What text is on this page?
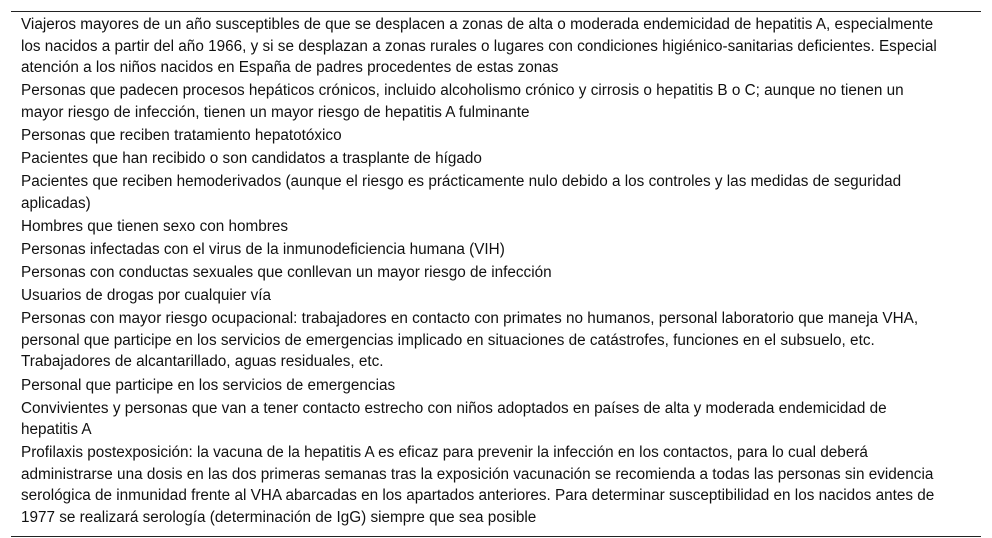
Viajeros mayores de un año susceptibles de que se desplacen a zonas de alta o moderada endemicidad de hepatitis A, especialmente los nacidos a partir del año 1966, y si se desplazan a zonas rurales o lugares con condiciones higiénico-sanitarias deficientes. Especial atención a los niños nacidos en España de padres procedentes de estas zonas
Personas que padecen procesos hepáticos crónicos, incluido alcoholismo crónico y cirrosis o hepatitis B o C; aunque no tienen un mayor riesgo de infección, tienen un mayor riesgo de hepatitis A fulminante
Personas que reciben tratamiento hepatotóxico
Pacientes que han recibido o son candidatos a trasplante de hígado
Pacientes que reciben hemoderivados (aunque el riesgo es prácticamente nulo debido a los controles y las medidas de seguridad aplicadas)
Hombres que tienen sexo con hombres
Personas infectadas con el virus de la inmunodeficiencia humana (VIH)
Personas con conductas sexuales que conllevan un mayor riesgo de infección
Usuarios de drogas por cualquier vía
Personas con mayor riesgo ocupacional: trabajadores en contacto con primates no humanos, personal laboratorio que maneja VHA, personal que participe en los servicios de emergencias implicado en situaciones de catástrofes, funciones en el subsuelo, etc. Trabajadores de alcantarillado, aguas residuales, etc.
Personal que participe en los servicios de emergencias
Convivientes y personas que van a tener contacto estrecho con niños adoptados en países de alta y moderada endemicidad de hepatitis A
Profilaxis postexposición: la vacuna de la hepatitis A es eficaz para prevenir la infección en los contactos, para lo cual deberá administrarse una dosis en las dos primeras semanas tras la exposición vacunación se recomienda a todas las personas sin evidencia serológica de inmunidad frente al VHA abarcadas en los apartados anteriores. Para determinar susceptibilidad en los nacidos antes de 1977 se realizará serología (determinación de IgG) siempre que sea posible
